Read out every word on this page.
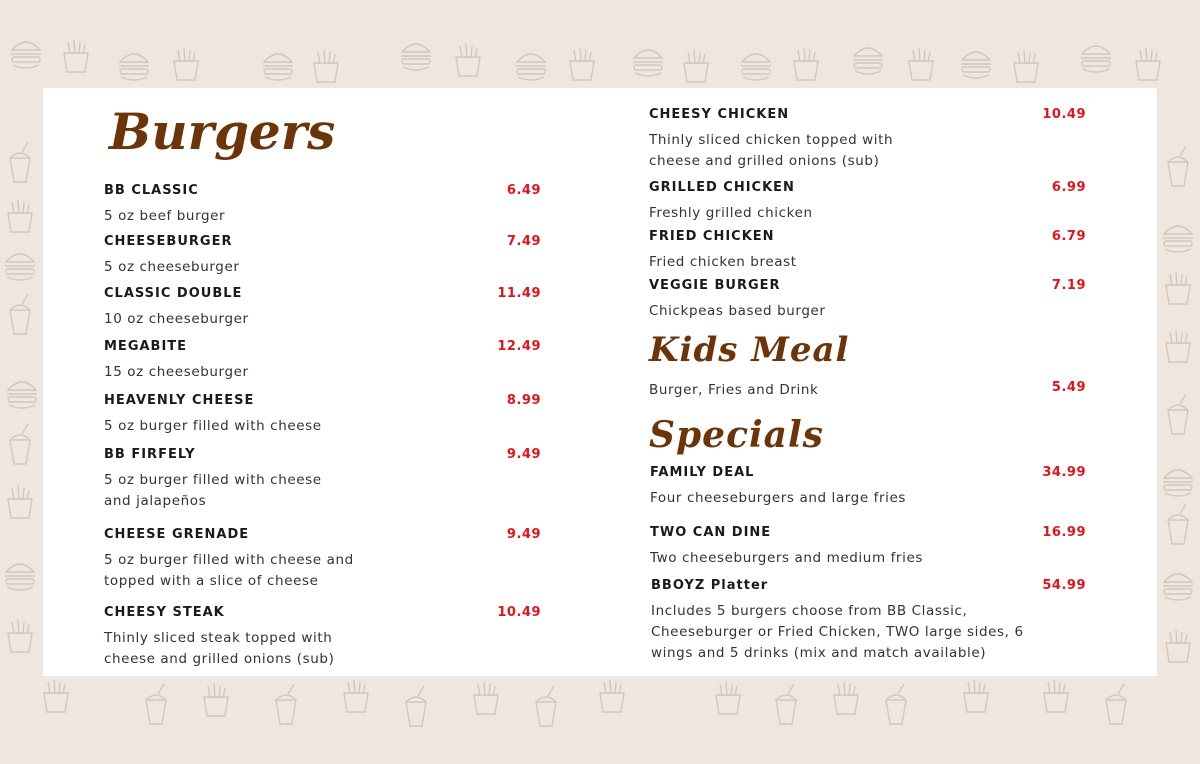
Burgers
BB CLASSIC	6.49
5 oz beef burger
CHEESEBURGER	7.49
5 oz cheeseburger
CLASSIC DOUBLE	11.49
10 oz cheeseburger
MEGABITE	12.49
15 oz cheeseburger
HEAVENLY CHEESE	8.99
5 oz burger filled with cheese
BB FIRFELY	9.49
5 oz burger filled with cheese
and jalapeños
CHEESE GRENADE	9.49
5 oz burger filled with cheese and
topped with a slice of cheese
CHEESY STEAK	10.49
Thinly sliced steak topped with
cheese and grilled onions (sub)
CHEESY CHICKEN	10.49
Thinly sliced chicken topped with
cheese and grilled onions (sub)
GRILLED CHICKEN	6.99
Freshly grilled chicken
FRIED CHICKEN	6.79
Fried chicken breast
VEGGIE BURGER	7.19
Chickpeas based burger
Kids Meal
Burger, Fries and Drink	5.49
Specials
FAMILY DEAL	34.99
Four cheeseburgers and large fries
TWO CAN DINE	16.99
Two cheeseburgers and medium fries
BBOYZ Platter	54.99
Includes 5 burgers choose from BB Classic,
Cheeseburger or Fried Chicken, TWO large sides, 6
wings and 5 drinks (mix and match available)
